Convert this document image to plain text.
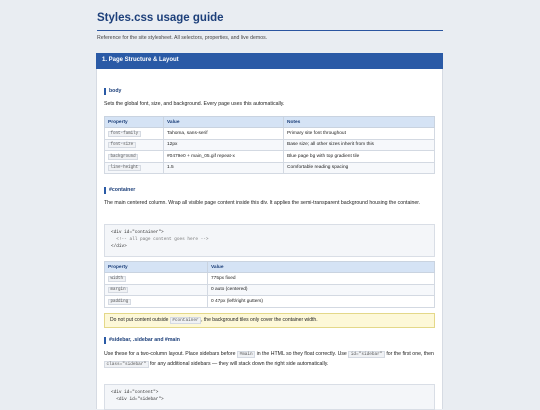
Styles.css usage guide
Reference for the site stylesheet. All selectors, properties, and live demos.
1. Page Structure & Layout
body
Sets the global font, size, and background. Every page uses this automatically.
Property	Value	Notes
font-family	Tahoma, sans-serif	Primary site font throughout
font-size	12px	Base size; all other sizes inherit from this
background	#0479e0 + main_05.gif repeat-x	Blue page bg with top gradient tile
line-height	1.5	Comfortable reading spacing
#container
The main centered column. Wrap all visible page content inside this div. It applies the semi-transparent background housing the container.
<div id="container">
<!-- all page content goes here -->
</div>
Property	Value
width	775px fixed
margin	0 auto (centered)
padding	0 47px (left/right gutters)
Do not put content outside #container , the background tiles only cover the container width.
#sidebar, .sidebar and #main
Use these for a two-column layout. Place sidebars before #main in the HTML so they float correctly. Use id="sidebar" for the first one, then class="sidebar" for any additional sidebars — they will stack down the right side automatically.
<div id="content">
<div id="sidebar">
